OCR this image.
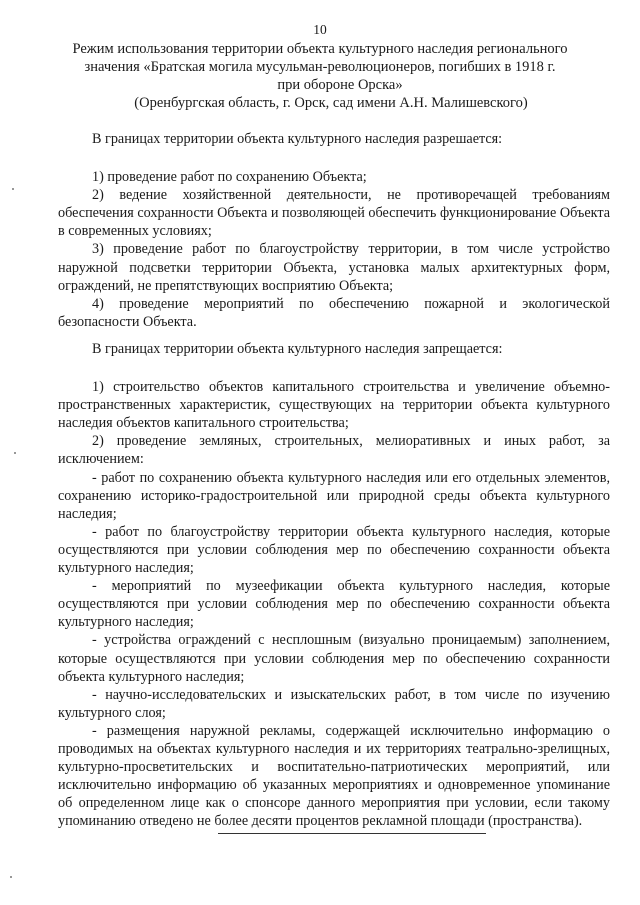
10
Режим использования территории объекта культурного наследия регионального
значения «Братская могила мусульман-революционеров, погибших в 1918 г.
при обороне Орска»
(Оренбургская область, г. Орск, сад имени А.Н. Малишевского)

В границах территории объекта культурного наследия разрешается:

1) проведение работ по сохранению Объекта;

2) ведение хозяйственной деятельности, не противоречащей требованиям обеспечения сохранности Объекта и позволяющей обеспечить функционирование Объекта в современных условиях;

3) проведение работ по благоустройству территории, в том числе устройство наружной подсветки территории Объекта, установка малых архитектурных форм, ограждений, не препятствующих восприятию Объекта;

4) проведение мероприятий по обеспечению пожарной и экологической безопасности Объекта.

В границах территории объекта культурного наследия запрещается:

1) строительство объектов капитального строительства и увеличение объемно-пространственных характеристик, существующих на территории объекта культурного наследия объектов капитального строительства;

2) проведение земляных, строительных, мелиоративных и иных работ, за исключением:

- работ по сохранению объекта культурного наследия или его отдельных элементов, сохранению историко-градостроительной или природной среды объекта культурного наследия;

- работ по благоустройству территории объекта культурного наследия, которые осуществляются при условии соблюдения мер по обеспечению сохранности объекта культурного наследия;

- мероприятий по музеефикации объекта культурного наследия, которые осуществляются при условии соблюдения мер по обеспечению сохранности объекта культурного наследия;

- устройства ограждений с несплошным (визуально проницаемым) заполнением, которые осуществляются при условии соблюдения мер по обеспечению сохранности объекта культурного наследия;

- научно-исследовательских и изыскательских работ, в том числе по изучению культурного слоя;

- размещения наружной рекламы, содержащей исключительно информацию о проводимых на объектах культурного наследия и их территориях театрально-зрелищных, культурно-просветительских и воспитательно-патриотических мероприятий, или исключительно информацию об указанных мероприятиях и одновременное упоминание об определенном лице как о спонсоре данного мероприятия при условии, если такому упоминанию отведено не более десяти процентов рекламной площади (пространства).
